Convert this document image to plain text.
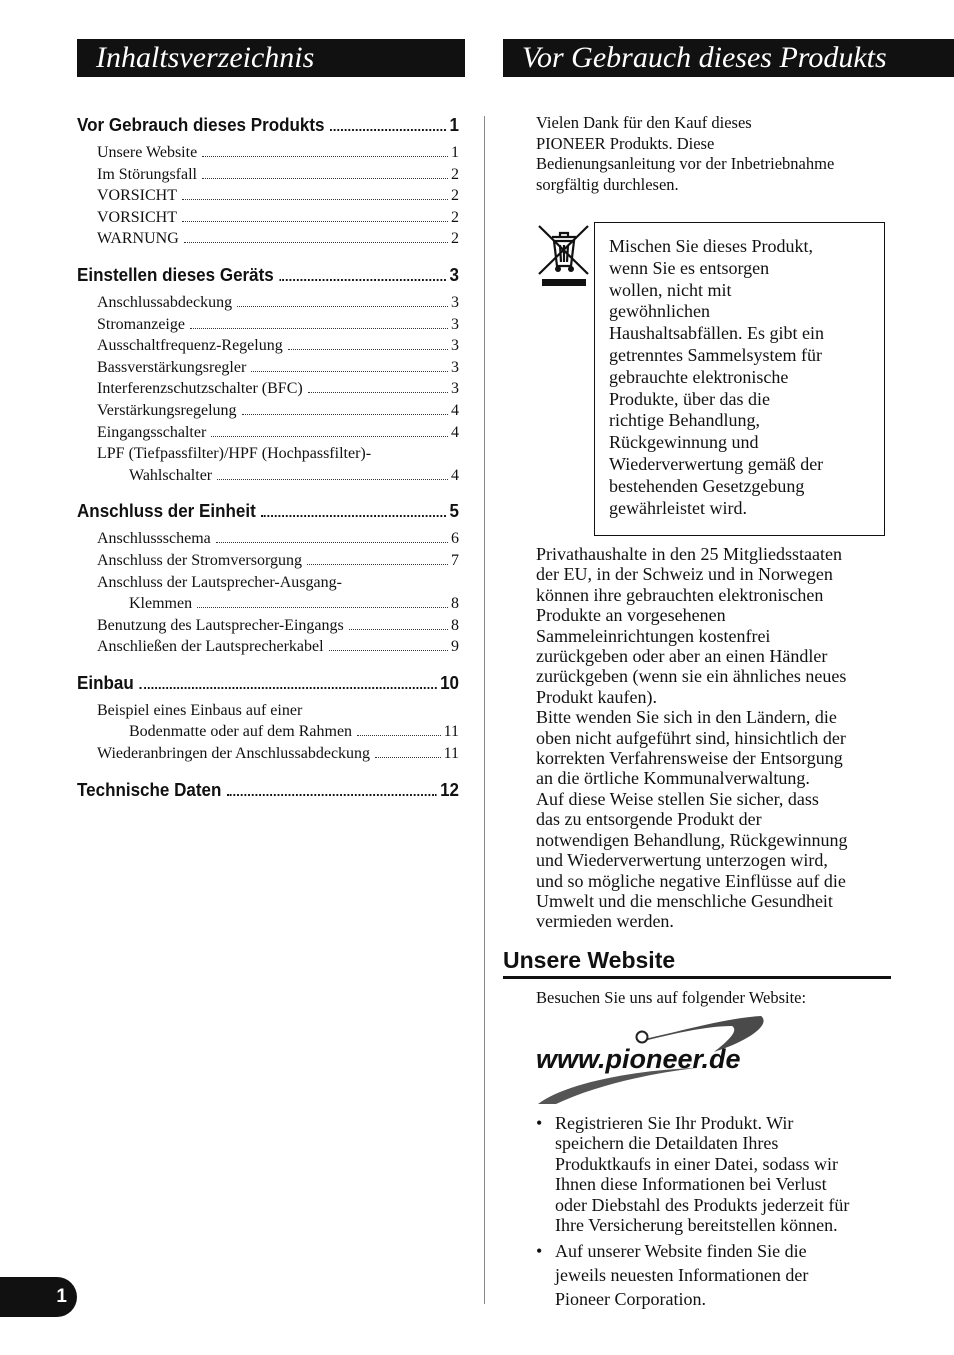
Inhaltsverzeichnis	Vor Gebrauch dieses Produkts
Vor Gebrauch dieses Produkts	1
Unsere Website	1
Im Störungsfall	2
VORSICHT	2
VORSICHT	2
WARNUNG	2
Einstellen dieses Geräts	3
Anschlussabdeckung	3
Stromanzeige	3
Ausschaltfrequenz-Regelung	3
Bassverstärkungsregler	3
Interferenzschutzschalter (BFC)	3
Verstärkungsregelung	4
Eingangsschalter	4
LPF (Tiefpassfilter)/HPF (Hochpassfilter)-
Wahlschalter	4
Anschluss der Einheit	5
Anschlussschema	6
Anschluss der Stromversorgung	7
Anschluss der Lautsprecher-Ausgang-
Klemmen	8
Benutzung des Lautsprecher-Eingangs	8
Anschließen der Lautsprecherkabel	9
Einbau	10
Beispiel eines Einbaus auf einer
Bodenmatte oder auf dem Rahmen	11
Wiederanbringen der Anschlussabdeckung	11
Technische Daten	12
Vielen Dank für den Kauf dieses
PIONEER Produkts. Diese
Bedienungsanleitung vor der Inbetriebnahme
sorgfältig durchlesen.
Mischen Sie dieses Produkt,
wenn Sie es entsorgen
wollen, nicht mit
gewöhnlichen
Haushaltsabfällen. Es gibt ein
getrenntes Sammelsystem für
gebrauchte elektronische
Produkte, über das die
richtige Behandlung,
Rückgewinnung und
Wiederverwertung gemäß der
bestehenden Gesetzgebung
gewährleistet wird.
Privathaushalte in den 25 Mitgliedsstaaten
der EU, in der Schweiz und in Norwegen
können ihre gebrauchten elektronischen
Produkte an vorgesehenen
Sammeleinrichtungen kostenfrei
zurückgeben oder aber an einen Händler
zurückgeben (wenn sie ein ähnliches neues
Produkt kaufen).
Bitte wenden Sie sich in den Ländern, die
oben nicht aufgeführt sind, hinsichtlich der
korrekten Verfahrensweise der Entsorgung
an die örtliche Kommunalverwaltung.
Auf diese Weise stellen Sie sicher, dass
das zu entsorgende Produkt der
notwendigen Behandlung, Rückgewinnung
und Wiederverwertung unterzogen wird,
und so mögliche negative Einflüsse auf die
Umwelt und die menschliche Gesundheit
vermieden werden.
Unsere Website

Besuchen Sie uns auf folgender Website:

www.pioneer.de
• Registrieren Sie Ihr Produkt. Wir
speichern die Detaildaten Ihres
Produktkaufs in einer Datei, sodass wir
Ihnen diese Informationen bei Verlust
oder Diebstahl des Produkts jederzeit für
Ihre Versicherung bereitstellen können.
• Auf unserer Website finden Sie die
jeweils neuesten Informationen der
Pioneer Corporation.
1
